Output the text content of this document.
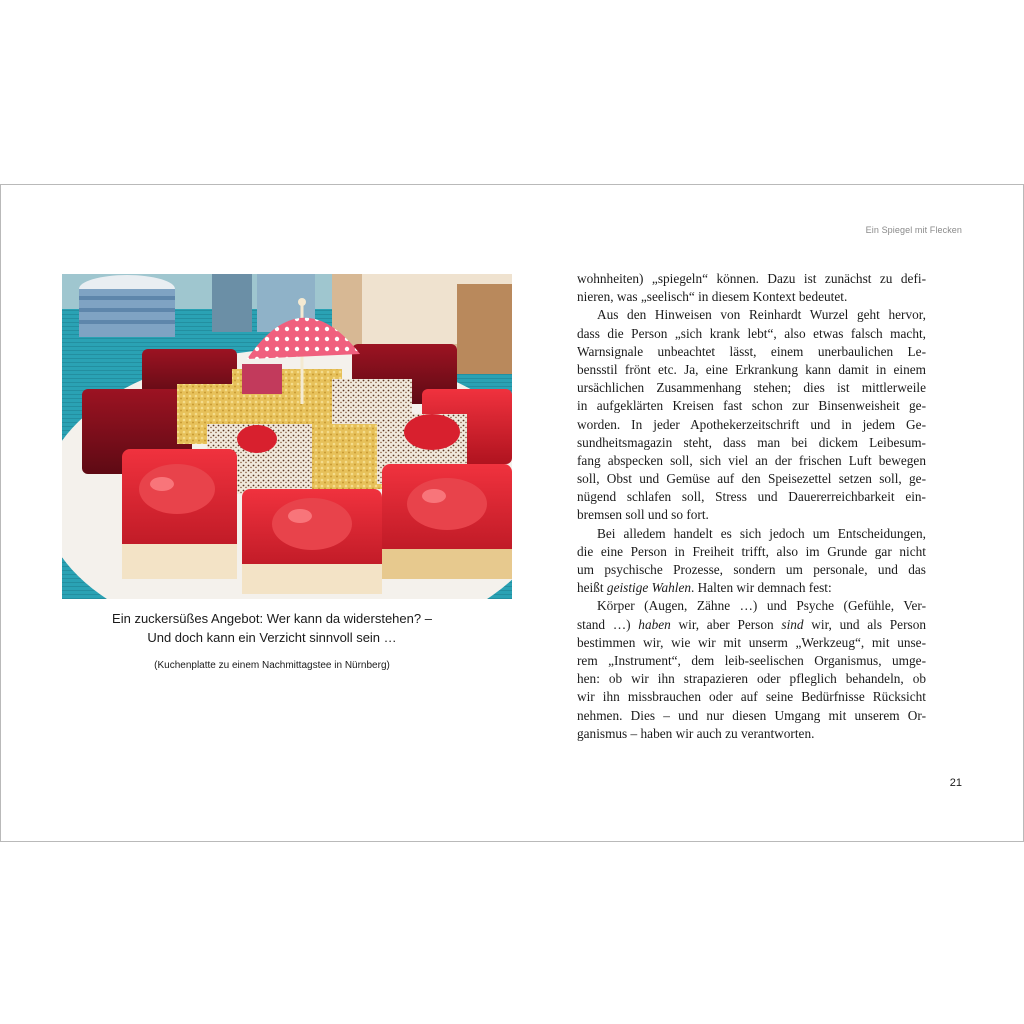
Ein Spiegel mit Flecken
Ein zuckersüßes Angebot: Wer kann da widerstehen? –
Und doch kann ein Verzicht sinnvoll sein …
(Kuchenplatte zu einem Nachmittagstee in Nürnberg)
wohnheiten) „spiegeln“ können. Dazu ist zunächst zu defi-
nieren, was „seelisch“ in diesem Kontext bedeutet.
Aus den Hinweisen von Reinhardt Wurzel geht hervor,
dass die Person „sich krank lebt“, also etwas falsch macht,
Warnsignale unbeachtet lässt, einem unerbaulichen Le-
bensstil frönt etc. Ja, eine Erkrankung kann damit in einem
ursächlichen Zusammenhang stehen; dies ist mittlerweile
in aufgeklärten Kreisen fast schon zur Binsenweisheit ge-
worden. In jeder Apothekerzeitschrift und in jedem Ge-
sundheitsmagazin steht, dass man bei dickem Leibesum-
fang abspecken soll, sich viel an der frischen Luft bewegen
soll, Obst und Gemüse auf den Speisezettel setzen soll, ge-
nügend schlafen soll, Stress und Dauererreichbarkeit ein-
bremsen soll und so fort.
Bei alledem handelt es sich jedoch um Entscheidungen,
die eine Person in Freiheit trifft, also im Grunde gar nicht
um psychische Prozesse, sondern um personale, und das
heißt geistige Wahlen. Halten wir demnach fest:
Körper (Augen, Zähne …) und Psyche (Gefühle, Ver-
stand …) haben wir, aber Person sind wir, und als Person
bestimmen wir, wie wir mit unserm „Werkzeug“, mit unse-
rem „Instrument“, dem leib-seelischen Organismus, umge-
hen: ob wir ihn strapazieren oder pfleglich behandeln, ob
wir ihn missbrauchen oder auf seine Bedürfnisse Rücksicht
nehmen. Dies – und nur diesen Umgang mit unserem Or-
ganismus – haben wir auch zu verantworten.
21
